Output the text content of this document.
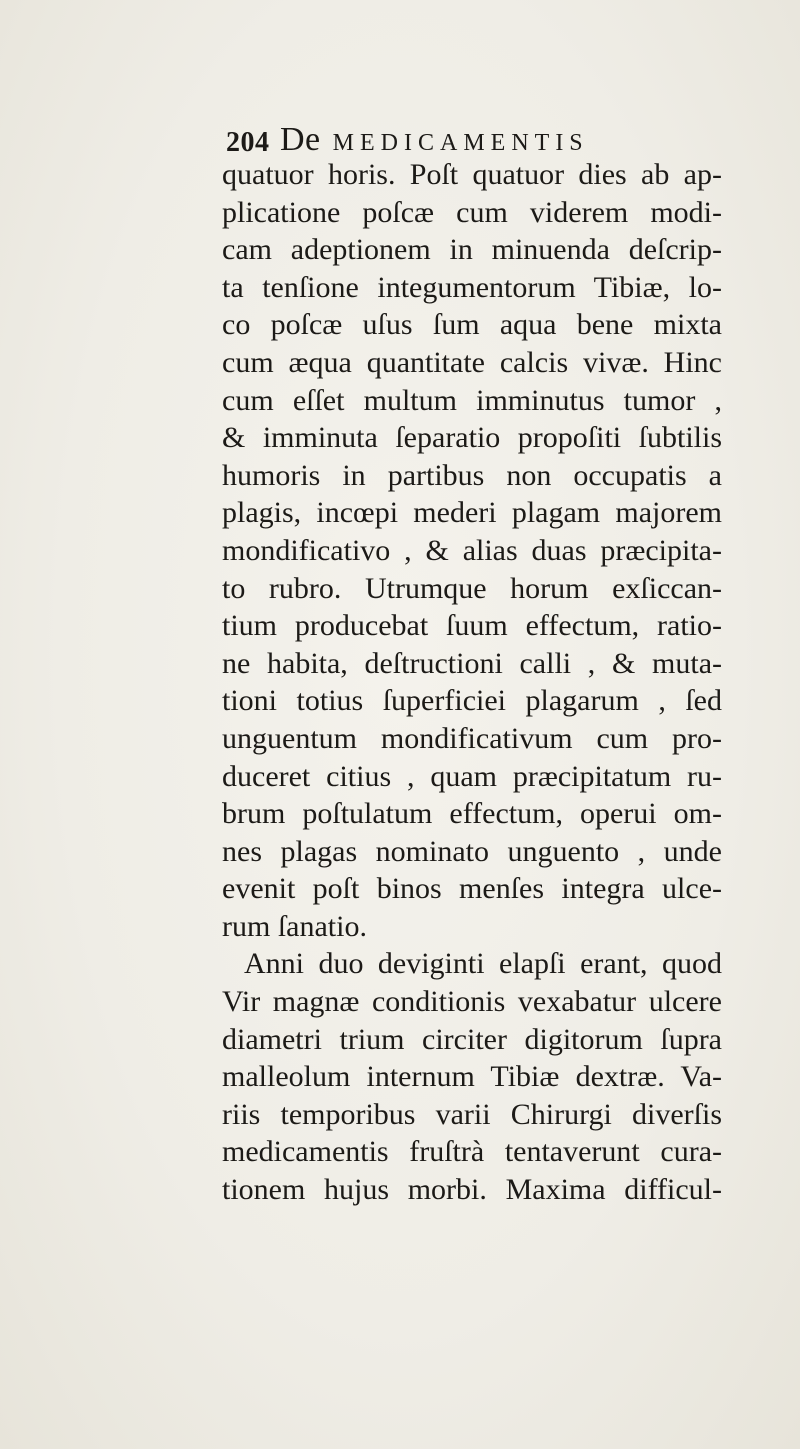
204 De MEDICAMENTIS
quatuor horis. Poſt quatuor dies ab ap-
plicatione poſcæ cum viderem modi-
cam adeptionem in minuenda deſcrip-
ta tenſione integumentorum Tibiæ, lo-
co poſcæ uſus ſum aqua bene mixta
cum æqua quantitate calcis vivæ. Hinc
cum eſſet multum imminutus tumor ,
& imminuta ſeparatio propoſiti ſubtilis
humoris in partibus non occupatis a
plagis, incœpi mederi plagam majorem
mondificativo , & alias duas præcipita-
to rubro. Utrumque horum exſiccan-
tium producebat ſuum effectum, ratio-
ne habita, deſtructioni calli , & muta-
tioni totius ſuperficiei plagarum , ſed
unguentum mondificativum cum pro-
duceret citius , quam præcipitatum ru-
brum poſtulatum effectum, operui om-
nes plagas nominato unguento , unde
evenit poſt binos menſes integra ulce-
rum ſanatio.
Anni duo deviginti elapſi erant, quod
Vir magnæ conditionis vexabatur ulcere
diametri trium circiter digitorum ſupra
malleolum internum Tibiæ dextræ. Va-
riis temporibus varii Chirurgi diverſis
medicamentis fruſtrà tentaverunt cura-
tionem hujus morbi. Maxima difficul-
